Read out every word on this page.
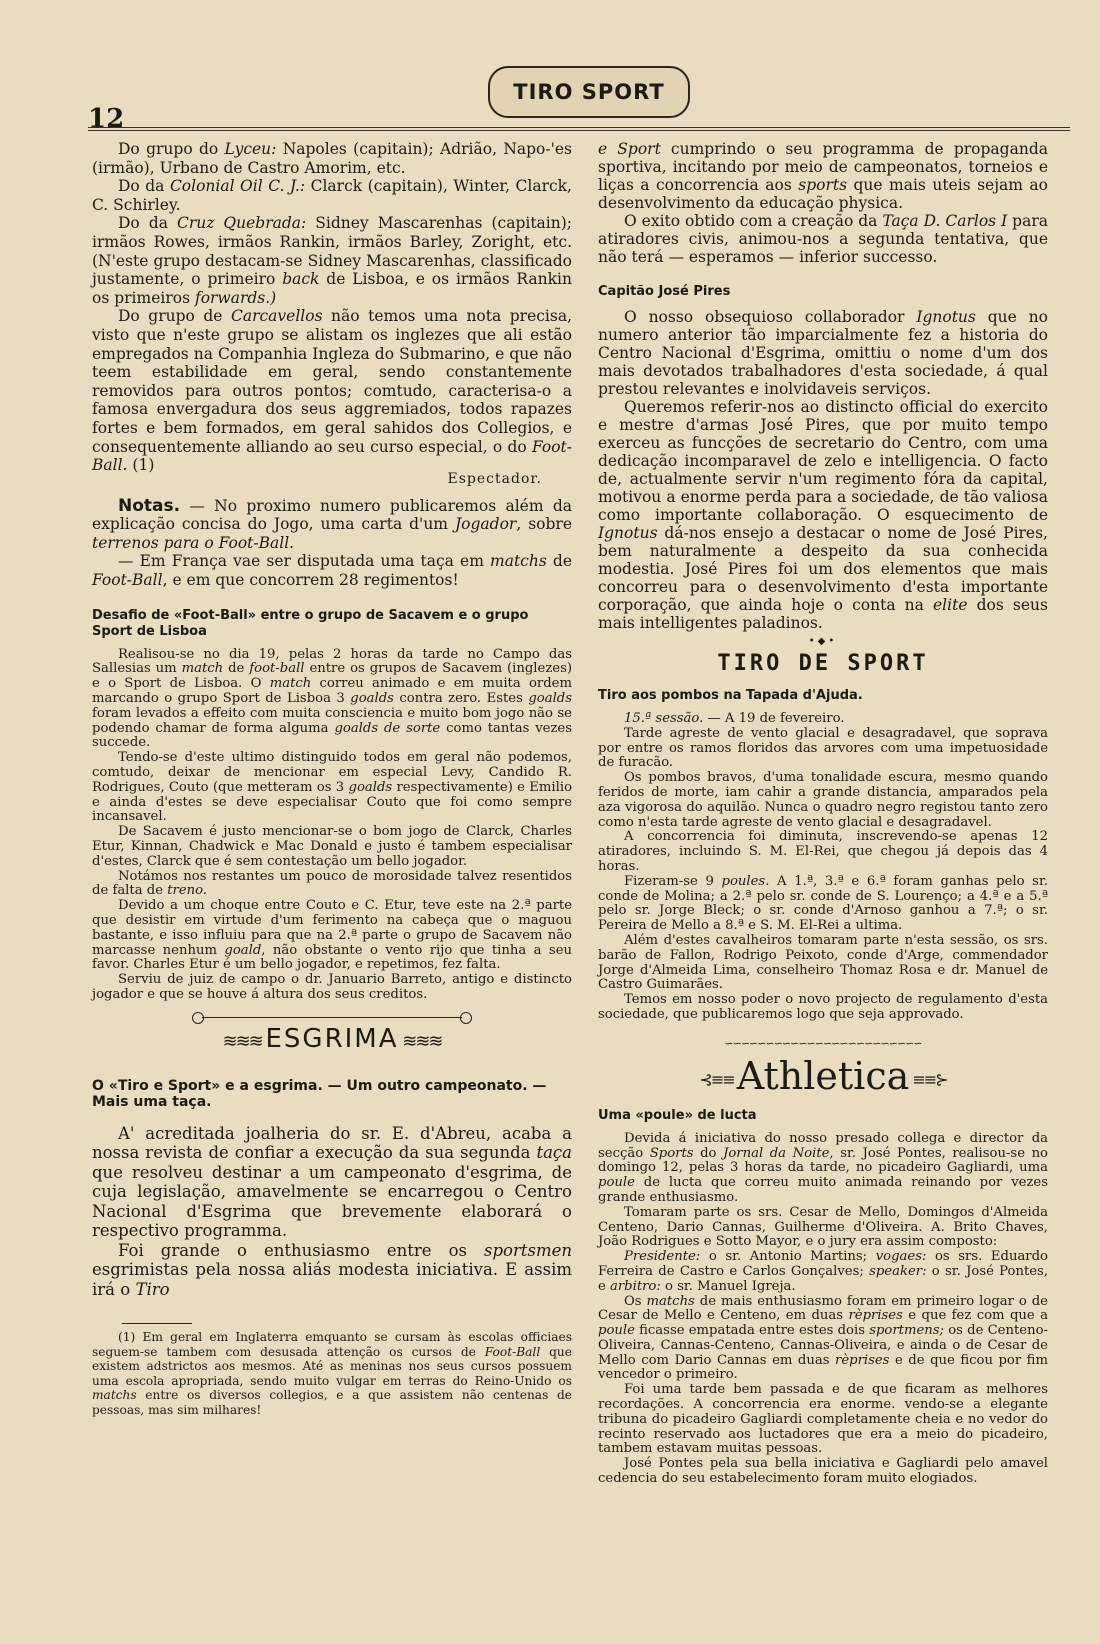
12
TIRO SPORT

Do grupo do Lyceu: Napoles (capitain); Adrião, Napo-'es (irmão), Urbano de Castro Amorim, etc.

Do da Colonial Oil C. J.: Clarck (capitain), Winter, Clarck, C. Schirley.

Do da Cruz Quebrada: Sidney Mascarenhas (capitain); irmãos Rowes, irmãos Rankin, irmãos Barley, Zoright, etc. (N'este grupo destacam-se Sidney Mascarenhas, classificado justamente, o primeiro back de Lisboa, e os irmãos Rankin os primeiros forwards.)

Do grupo de Carcavellos não temos uma nota precisa, visto que n'este grupo se alistam os inglezes que ali estão empregados na Companhia Ingleza do Submarino, e que não teem estabilidade em geral, sendo constantemente removidos para outros pontos; comtudo, caracterisa-o a famosa envergadura dos seus aggremiados, todos rapazes fortes e bem formados, em geral sahidos dos Collegios, e consequentemente alliando ao seu curso especial, o do Foot-Ball. (1)

Espectador.

Notas. — No proximo numero publicaremos além da explicação concisa do Jogo, uma carta d'um Jogador, sobre terrenos para o Foot-Ball.

— Em França vae ser disputada uma taça em matchs de Foot-Ball, e em que concorrem 28 regimentos!

Desafio de «Foot-Ball» entre o grupo de Sacavem e o grupo Sport de Lisboa

Realisou-se no dia 19, pelas 2 horas da tarde no Campo das Sallesias um match de foot-ball entre os grupos de Sacavem (inglezes) e o Sport de Lisboa. O match correu animado e em muita ordem marcando o grupo Sport de Lisboa 3 goalds contra zero. Estes goalds foram levados a effeito com muita consciencia e muito bom jogo não se podendo chamar de forma alguma goalds de sorte como tantas vezes succede.

Tendo-se d'este ultimo distinguido todos em geral não podemos, comtudo, deixar de mencionar em especial Levy, Candido R. Rodrigues, Couto (que metteram os 3 goalds respectivamente) e Emilio e ainda d'estes se deve especialisar Couto que foi como sempre incansavel.

De Sacavem é justo mencionar-se o bom jogo de Clarck, Charles Etur, Kinnan, Chadwick e Mac Donald e justo é tambem especialisar d'estes, Clarck que é sem contestação um bello jogador.

Notámos nos restantes um pouco de morosidade talvez resentidos de falta de treno.

Devido a um choque entre Couto e C. Etur, teve este na 2.ª parte que desistir em virtude d'um ferimento na cabeça que o maguou bastante, e isso influiu para que na 2.ª parte o grupo de Sacavem não marcasse nenhum goald, não obstante o vento rijo que tinha a seu favor. Charles Etur é um bello jogador, e repetimos, fez falta.

Serviu de juiz de campo o dr. Januario Barreto, antigo e distincto jogador e que se houve á altura dos seus creditos.

≋≋≋ ESGRIMA ≋≋≋
O «Tiro e Sport» e a esgrima. — Um outro campeonato. — Mais uma taça.

A' acreditada joalheria do sr. E. d'Abreu, acaba a nossa revista de confiar a execução da sua segunda taça que resolveu destinar a um campeonato d'esgrima, de cuja legislação, amavelmente se encarregou o Centro Nacional d'Esgrima que brevemente elaborará o respectivo programma.

Foi grande o enthusiasmo entre os sportsmen esgrimistas pela nossa aliás modesta iniciativa. E assim irá o Tiro

(1) Em geral em Inglaterra emquanto se cursam às escolas officiaes seguem-se tambem com desusada attenção os cursos de Foot-Ball que existem adstrictos aos mesmos. Até as meninas nos seus cursos possuem uma escola apropriada, sendo muito vulgar em terras do Reino-Unido os matchs entre os diversos collegios, e a que assistem não centenas de pessoas, mas sim milhares!

e Sport cumprindo o seu programma de propaganda sportiva, incitando por meio de campeonatos, torneios e liças a concorrencia aos sports que mais uteis sejam ao desenvolvimento da educação physica.

O exito obtido com a creação da Taça D. Carlos I para atiradores civis, animou-nos a segunda tentativa, que não terá — esperamos — inferior successo.

Capitão José Pires

O nosso obsequioso collaborador Ignotus que no numero anterior tão imparcialmente fez a historia do Centro Nacional d'Esgrima, omittiu o nome d'um dos mais devotados trabalhadores d'esta sociedade, á qual prestou relevantes e inolvidaveis serviços.

Queremos referir-nos ao distincto official do exercito e mestre d'armas José Pires, que por muito tempo exerceu as funcções de secretario do Centro, com uma dedicação incomparavel de zelo e intelligencia. O facto de, actualmente servir n'um regimento fóra da capital, motivou a enorme perda para a sociedade, de tão valiosa como importante collaboração. O esquecimento de Ignotus dá-nos ensejo a destacar o nome de José Pires, bem naturalmente a despeito da sua conhecida modestia. José Pires foi um dos elementos que mais concorreu para o desenvolvimento d'esta importante corporação, que ainda hoje o conta na elite dos seus mais intelligentes paladinos.

•◆•
TIRO DE SPORT
Tiro aos pombos na Tapada d'Ajuda.

15.ª sessão. — A 19 de fevereiro.

Tarde agreste de vento glacial e desagradavel, que soprava por entre os ramos floridos das arvores com uma impetuosidade de furacão.

Os pombos bravos, d'uma tonalidade escura, mesmo quando feridos de morte, iam cahir a grande distancia, amparados pela aza vigorosa do aquilão. Nunca o quadro negro registou tanto zero como n'esta tarde agreste de vento glacial e desagradavel.

A concorrencia foi diminuta, inscrevendo-se apenas 12 atiradores, incluindo S. M. El-Rei, que chegou já depois das 4 horas.

Fizeram-se 9 poules. A 1.ª, 3.ª e 6.ª foram ganhas pelo sr. conde de Molina; a 2.ª pelo sr. conde de S. Lourenço; a 4.ª e a 5.ª pelo sr. Jorge Bleck; o sr. conde d'Arnoso ganhou a 7.ª; o sr. Pereira de Mello a 8.ª e S. M. El-Rei a ultima.

Além d'estes cavalheiros tomaram parte n'esta sessão, os srs. barão de Fallon, Rodrigo Peixoto, conde d'Arge, commendador Jorge d'Almeida Lima, conselheiro Thomaz Rosa e dr. Manuel de Castro Guimarães.

Temos em nosso poder o novo projecto de regulamento d'esta sociedade, que publicaremos logo que seja approvado.

∽∽∽∽∽∽∽∽∽∽∽∽∽∽∽∽∽∽∽∽∽∽∽∽
⊰≡≡ Athletica ≡≡⊱
Uma «poule» de lucta

Devida á iniciativa do nosso presado collega e director da secção Sports do Jornal da Noite, sr. José Pontes, realisou-se no domingo 12, pelas 3 horas da tarde, no picadeiro Gagliardi, uma poule de lucta que correu muito animada reinando por vezes grande enthusiasmo.

Tomaram parte os srs. Cesar de Mello, Domingos d'Almeida Centeno, Dario Cannas, Guilherme d'Oliveira. A. Brito Chaves, João Rodrigues e Sotto Mayor, e o jury era assim composto:

Presidente: o sr. Antonio Martins; vogaes: os srs. Eduardo Ferreira de Castro e Carlos Gonçalves; speaker: o sr. José Pontes, e arbitro: o sr. Manuel Igreja.

Os matchs de mais enthusiasmo foram em primeiro logar o de Cesar de Mello e Centeno, em duas rèprises e que fez com que a poule ficasse empatada entre estes dois sportmens; os de Centeno-Oliveira, Cannas-Centeno, Cannas-Oliveira, e ainda o de Cesar de Mello com Dario Cannas em duas rèprises e de que ficou por fim vencedor o primeiro.

Foi uma tarde bem passada e de que ficaram as melhores recordações. A concorrencia era enorme. vendo-se a elegante tribuna do picadeiro Gagliardi completamente cheia e no vedor do recinto reservado aos luctadores que era a meio do picadeiro, tambem estavam muitas pessoas.

José Pontes pela sua bella iniciativa e Gagliardi pelo amavel cedencia do seu estabelecimento foram muito elogiados.
